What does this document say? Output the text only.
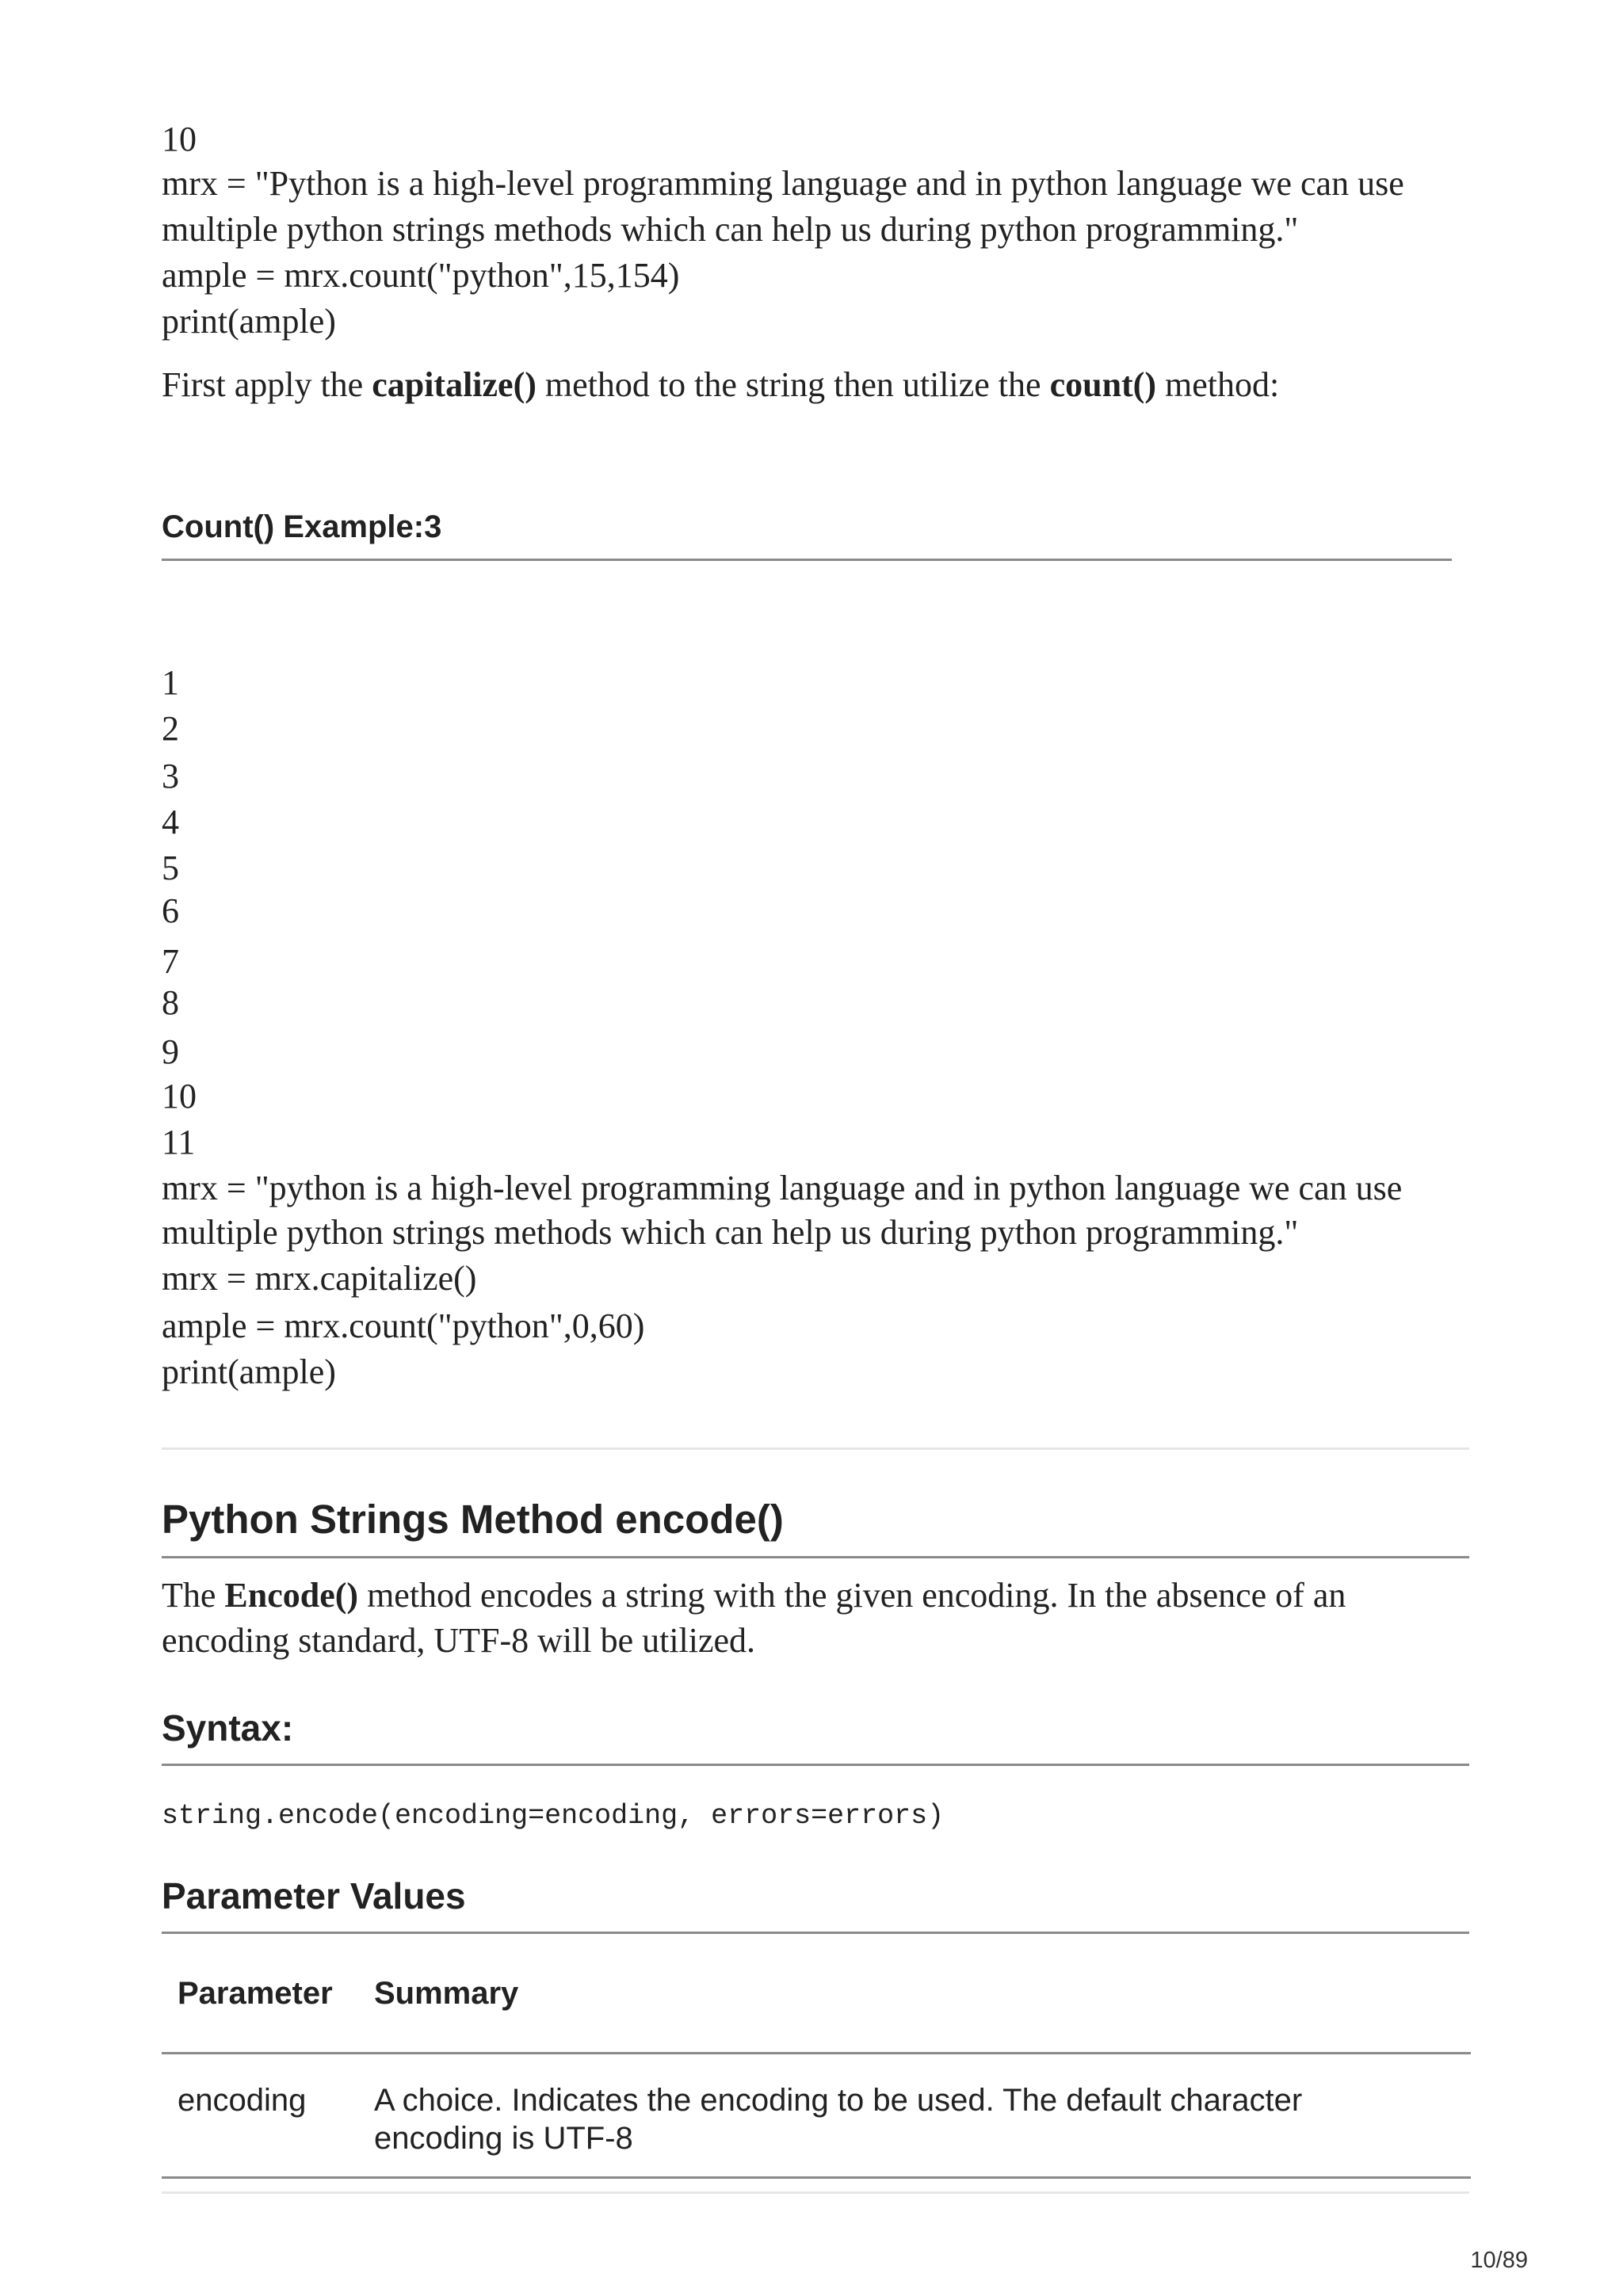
10
mrx = "Python is a high-level programming language and in python language we can use
multiple python strings methods which can help us during python programming."
ample = mrx.count("python",15,154)
print(ample)

First apply the capitalize() method to the string then utilize the count() method:

Count() Example:3
1
2
3
4
5
6
7
8
9
10
11
mrx = "python is a high-level programming language and in python language we can use
multiple python strings methods which can help us during python programming."
mrx = mrx.capitalize()
ample = mrx.count("python",0,60)
print(ample)
Python Strings Method encode()

The Encode() method encodes a string with the given encoding. In the absence of an

encoding standard, UTF-8 will be utilized.
Syntax:
string.encode(encoding=encoding, errors=errors)
Parameter Values
Parameter	Summary
encoding	A choice. Indicates the encoding to be used. The default character
encoding is UTF-8
10/89
